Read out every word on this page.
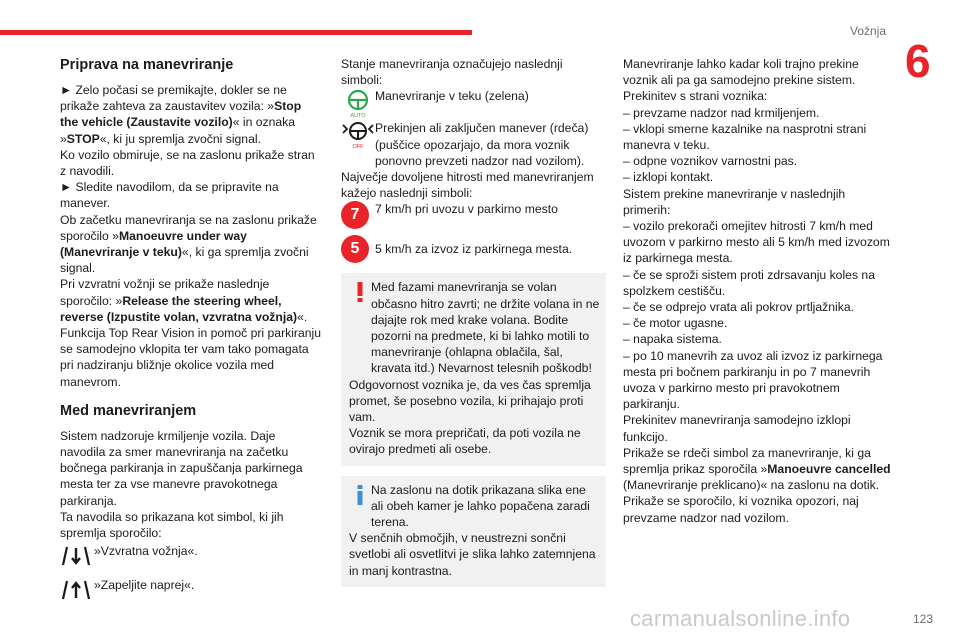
Vožnja
6
Priprava na manevriranje

► Zelo počasi se premikajte, dokler se ne prikaže zahteva za zaustavitev vozila: »Stop the vehicle (Zaustavite vozilo)« in oznaka »STOP«, ki ju spremlja zvočni signal.

Ko vozilo obmiruje, se na zaslonu prikaže stran z navodili.

► Sledite navodilom, da se pripravite na manever.

Ob začetku manevriranja se na zaslonu prikaže sporočilo »Manoeuvre under way (Manevriranje v teku)«, ki ga spremlja zvočni signal.

Pri vzvratni vožnji se prikaže naslednje sporočilo: »Release the steering wheel, reverse (Izpustite volan, vzvratna vožnja)«.

Funkcija Top Rear Vision in pomoč pri parkiranju se samodejno vklopita ter vam tako pomagata pri nadziranju bližnje okolice vozila med manevrom.

Med manevriranjem

Sistem nadzoruje krmiljenje vozila. Daje navodila za smer manevriranja na začetku bočnega parkiranja in zapuščanja parkirnega mesta ter za vse manevre pravokotnega parkiranja.

Ta navodila so prikazana kot simbol, ki jih spremlja sporočilo:

»Vzvratna vožnja«.
»Zapeljite naprej«.

Stanje manevriranja označujejo naslednji simboli:

AUTO
Manevriranje v teku (zelena)
OFF
Prekinjen ali zaključen manever (rdeča) (puščice opozarjajo, da mora voznik ponovno prevzeti nadzor nad vozilom).

Največje dovoljene hitrosti med manevriranjem kažejo naslednji simboli:

7	7 km/h pri uvozu v parkirno mesto
5	5 km/h za izvoz iz parkirnega mesta.

Med fazami manevriranja se volan občasno hitro zavrti; ne držite volana in ne dajajte rok med krake volana. Bodite pozorni na predmete, ki bi lahko motili to manevriranje (ohlapna oblačila, šal, kravata itd.) Nevarnost telesnih poškodb!

Odgovornost voznika je, da ves čas spremlja promet, še posebno vozila, ki prihajajo proti vam.

Voznik se mora prepričati, da poti vozila ne ovirajo predmeti ali osebe.

Na zaslonu na dotik prikazana slika ene ali obeh kamer je lahko popačena zaradi terena.

V senčnih območjih, v neustrezni sončni svetlobi ali osvetlitvi je slika lahko zatemnjena in manj kontrastna.

Manevriranje lahko kadar koli trajno prekine voznik ali pa ga samodejno prekine sistem.

Prekinitev s strani voznika:

– prevzame nadzor nad krmiljenjem.

– vklopi smerne kazalnike na nasprotni strani manevra v teku.

– odpne voznikov varnostni pas.

– izklopi kontakt.

Sistem prekine manevriranje v naslednjih primerih:

– vozilo prekorači omejitev hitrosti 7 km/h med uvozom v parkirno mesto ali 5 km/h med izvozom iz parkirnega mesta.

– če se sproži sistem proti zdrsavanju koles na spolzkem cestišču.

– če se odprejo vrata ali pokrov prtljažnika.

– če motor ugasne.

– napaka sistema.

– po 10 manevrih za uvoz ali izvoz iz parkirnega mesta pri bočnem parkiranju in po 7 manevrih uvoza v parkirno mesto pri pravokotnem parkiranju.

Prekinitev manevriranja samodejno izklopi funkcijo.

Prikaže se rdeči simbol za manevriranje, ki ga spremlja prikaz sporočila »Manoeuvre cancelled (Manevriranje preklicano)« na zaslonu na dotik.

Prikaže se sporočilo, ki voznika opozori, naj prevzame nadzor nad vozilom.

carmanualsonline.info	123
